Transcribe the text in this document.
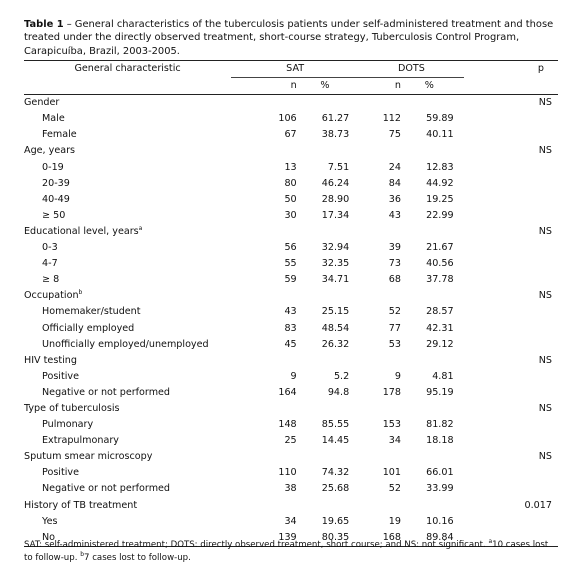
Table 1 – General characteristics of the tuberculosis patients under self-administered treatment and those treated under the directly observed treatment, short-course strategy, Tuberculosis Control Program, Carapicuíba, Brazil, 2003-2005.
General characteristic	SAT		DOTS		p
	n	%	n	%	
Gender					NS
Male	106	61.27	112	59.89	
Female	67	38.73	75	40.11	
Age, years					NS
0-19	13	7.51	24	12.83	
20-39	80	46.24	84	44.92	
40-49	50	28.90	36	19.25	
≥ 50	30	17.34	43	22.99	
Educational level, years$^a$					NS
0-3	56	32.94	39	21.67	
4-7	55	32.35	73	40.56	
≥ 8	59	34.71	68	37.78	
Occupation$^b$					NS
Homemaker/student	43	25.15	52	28.57	
Officially employed	83	48.54	77	42.31	
Unofficially employed/unemployed	45	26.32	53	29.12	
HIV testing					NS
Positive	9	5.2	9	4.81	
Negative or not performed	164	94.8	178	95.19	
Type of tuberculosis					NS
Pulmonary	148	85.55	153	81.82	
Extrapulmonary	25	14.45	34	18.18	
Sputum smear microscopy					NS
Positive	110	74.32	101	66.01	
Negative or not performed	38	25.68	52	33.99	
History of TB treatment					0.017
Yes	34	19.65	19	10.16	
No	139	80.35	168	89.84	
SAT: self-administered treatment; DOTS: directly observed treatment, short course; and NS: not significant. $^a$10 cases lost to follow-up. $^b$7 cases lost to follow-up.
